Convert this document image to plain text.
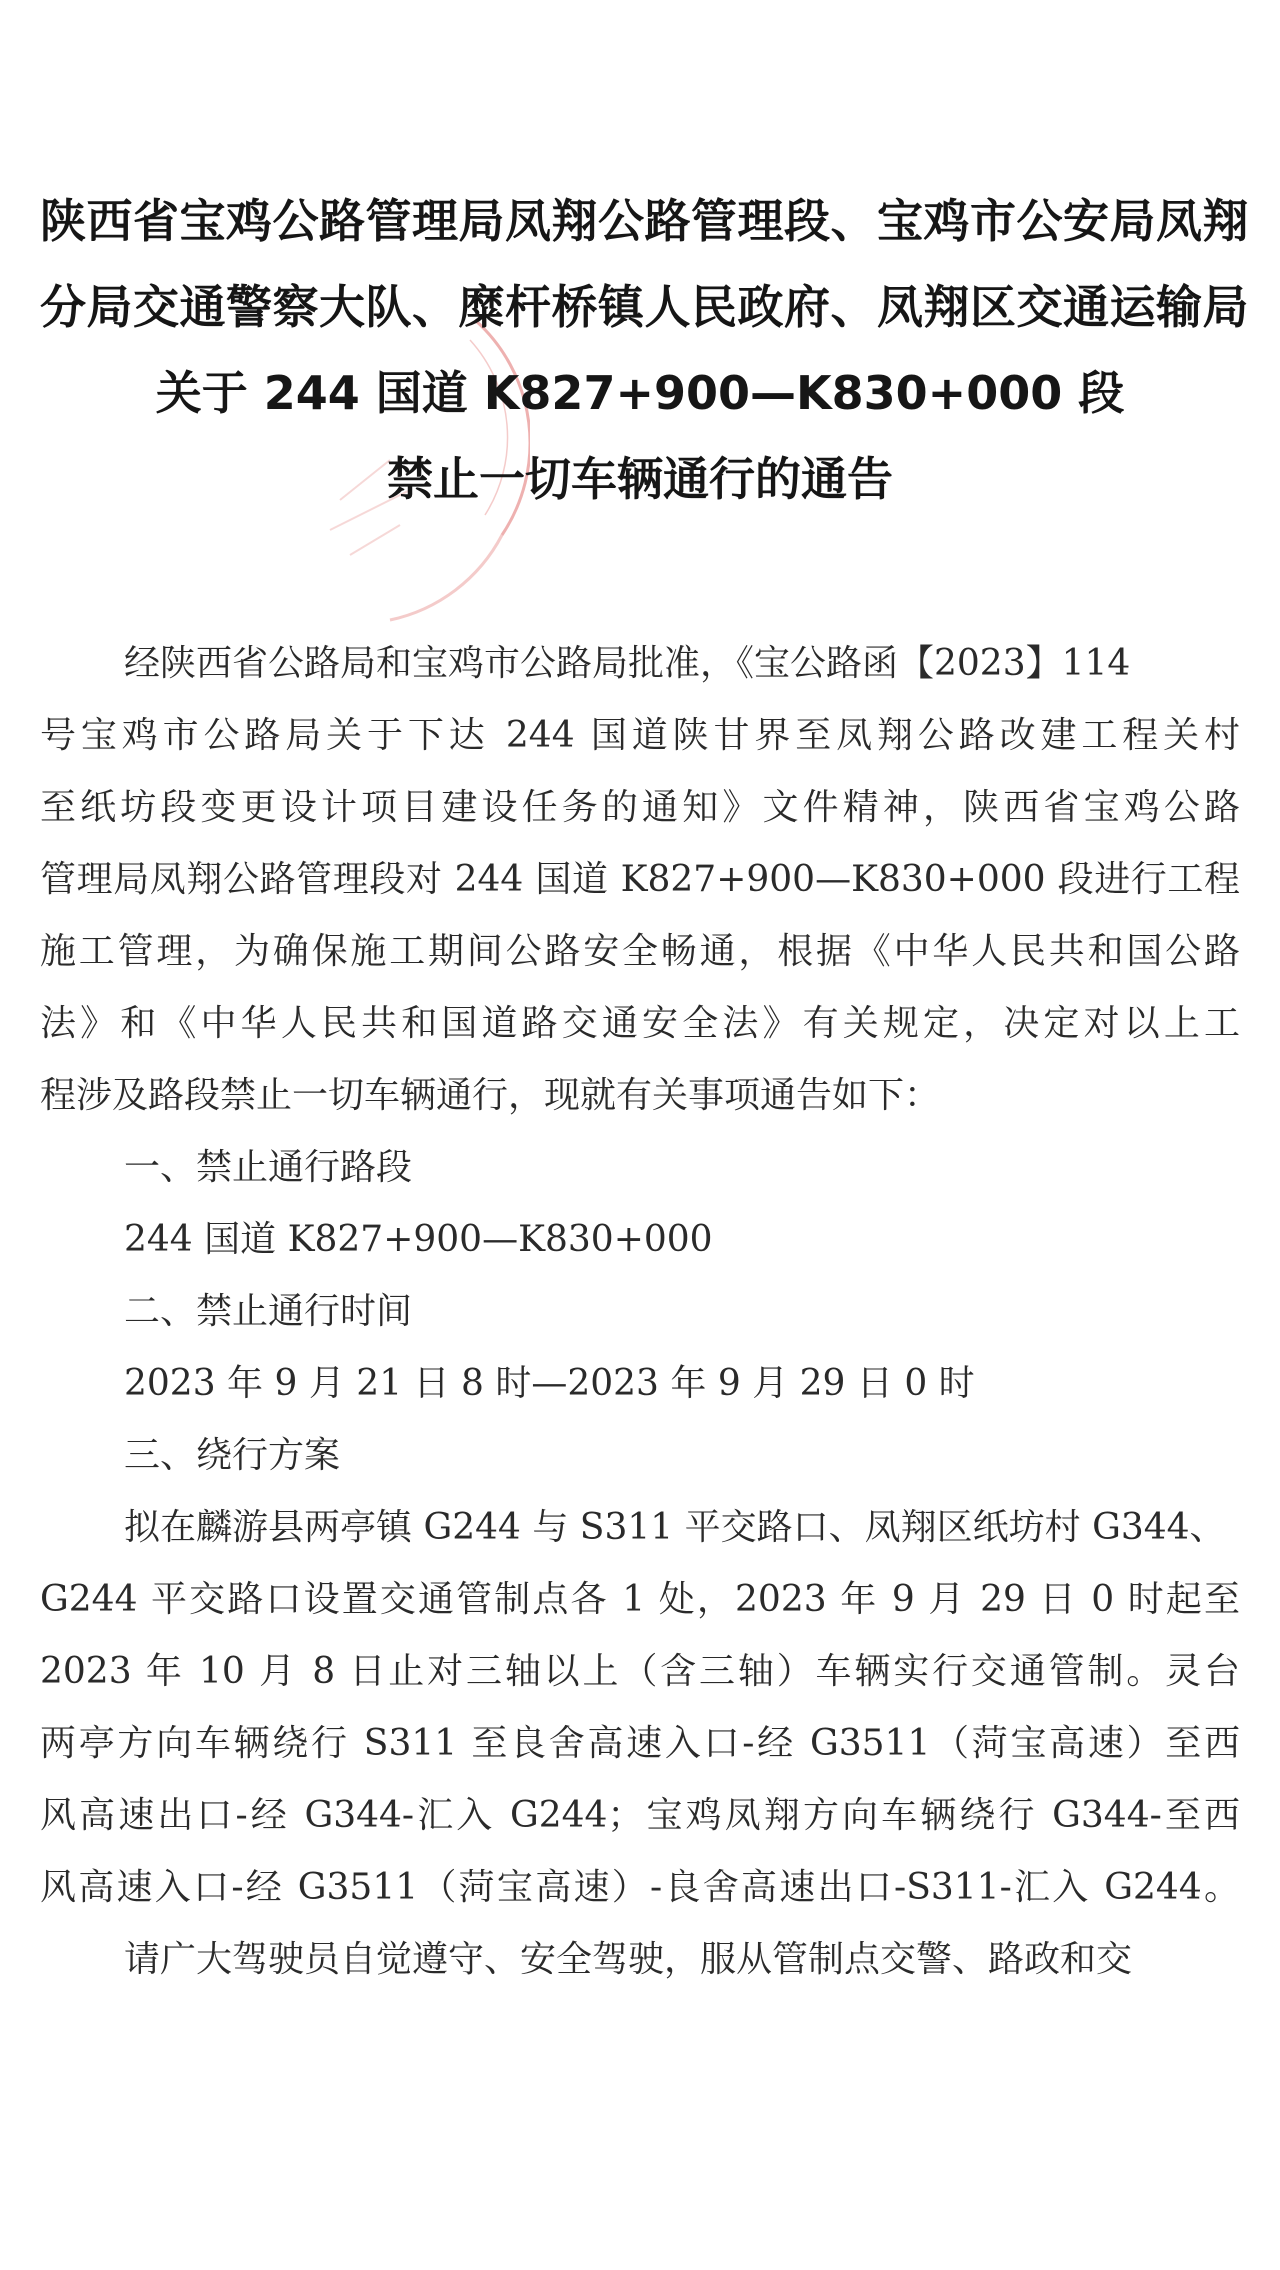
陕西省宝鸡公路管理局凤翔公路管理段、宝鸡市公安局凤翔
分局交通警察大队、糜杆桥镇人民政府、凤翔区交通运输局
关于 244 国道 K827+900—K830+000 段
禁止一切车辆通行的通告
经陕西省公路局和宝鸡市公路局批准，《宝公路函【2023】114
号宝鸡市公路局关于下达 244 国道陕甘界至凤翔公路改建工程关村
至纸坊段变更设计项目建设任务的通知》文件精神，陕西省宝鸡公路
管理局凤翔公路管理段对 244 国道 K827+900—K830+000 段进行工程
施工管理，为确保施工期间公路安全畅通，根据《中华人民共和国公路
法》和《中华人民共和国道路交通安全法》有关规定，决定对以上工
程涉及路段禁止一切车辆通行，现就有关事项通告如下：
一、禁止通行路段
244 国道 K827+900—K830+000
二、禁止通行时间
2023 年 9 月 21 日 8 时—2023 年 9 月 29 日 0 时
三、绕行方案
拟在麟游县两亭镇 G244 与 S311 平交路口、凤翔区纸坊村 G344、
G244 平交路口设置交通管制点各 1 处，2023 年 9 月 29 日 0 时起至
2023 年 10 月 8 日止对三轴以上（含三轴）车辆实行交通管制。灵台
两亭方向车辆绕行 S311 至良舍高速入口-经 G3511（菏宝高速）至西
风高速出口-经 G344-汇入 G244；宝鸡凤翔方向车辆绕行 G344-至西
风高速入口-经 G3511（菏宝高速）-良舍高速出口-S311-汇入 G244。
请广大驾驶员自觉遵守、安全驾驶，服从管制点交警、路政和交
